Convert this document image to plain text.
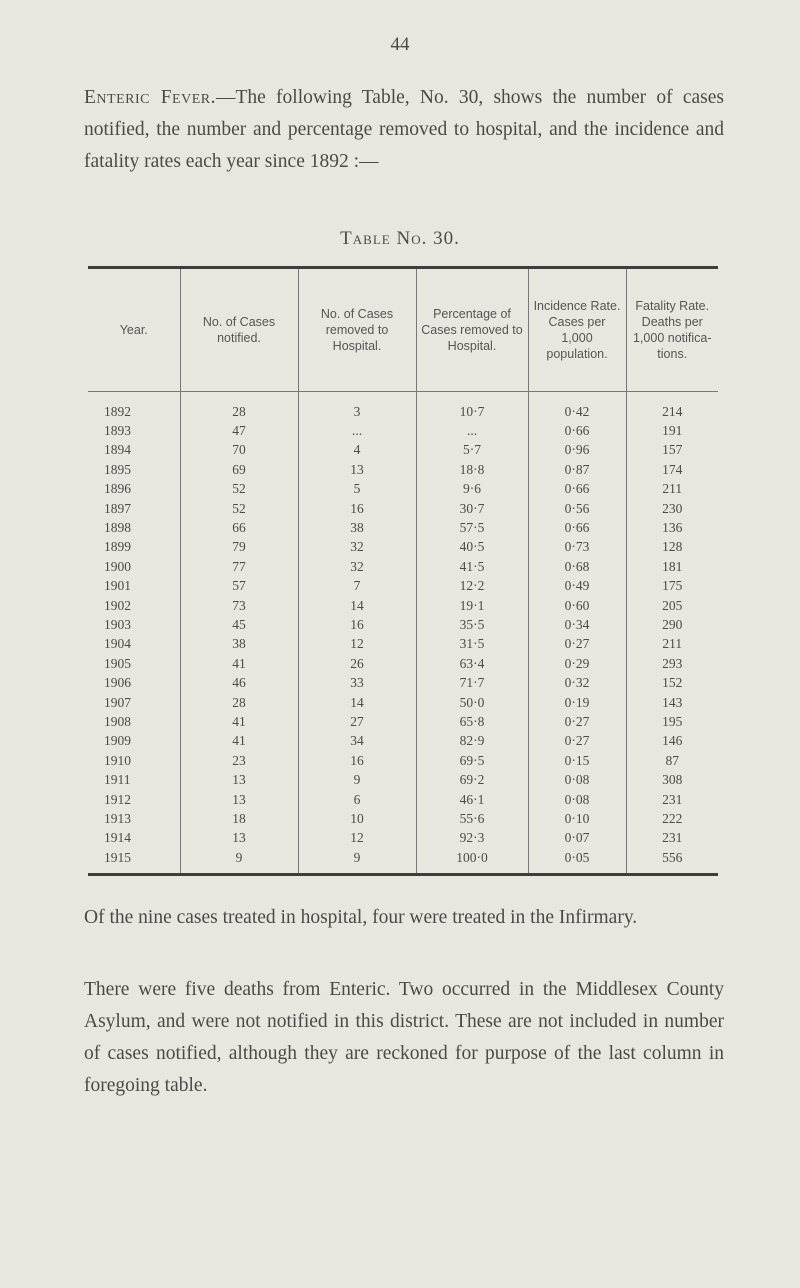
44

Enteric Fever.—The following Table, No. 30, shows the number of cases notified, the number and percentage removed to hospital, and the incidence and fatality rates each year since 1892 :—

Table No. 30.
Year.	No. of Cases notified.	No. of Cases removed to Hospital.	Percentage of Cases removed to Hospital.	Incidence Rate. Cases per 1,000 population.	Fatality Rate. Deaths per 1,000 notifica- tions.
1892	28	3	10·7	0·42	214
1893	47	...	...	0·66	191
1894	70	4	5·7	0·96	157
1895	69	13	18·8	0·87	174
1896	52	5	9·6	0·66	211
1897	52	16	30·7	0·56	230
1898	66	38	57·5	0·66	136
1899	79	32	40·5	0·73	128
1900	77	32	41·5	0·68	181
1901	57	7	12·2	0·49	175
1902	73	14	19·1	0·60	205
1903	45	16	35·5	0·34	290
1904	38	12	31·5	0·27	211
1905	41	26	63·4	0·29	293
1906	46	33	71·7	0·32	152
1907	28	14	50·0	0·19	143
1908	41	27	65·8	0·27	195
1909	41	34	82·9	0·27	146
1910	23	16	69·5	0·15	87
1911	13	9	69·2	0·08	308
1912	13	6	46·1	0·08	231
1913	18	10	55·6	0·10	222
1914	13	12	92·3	0·07	231
1915	9	9	100·0	0·05	556

Of the nine cases treated in hospital, four were treated in the Infirmary.

There were five deaths from Enteric. Two occurred in the Middlesex County Asylum, and were not notified in this district. These are not included in number of cases notified, although they are reckoned for purpose of the last column in foregoing table.
